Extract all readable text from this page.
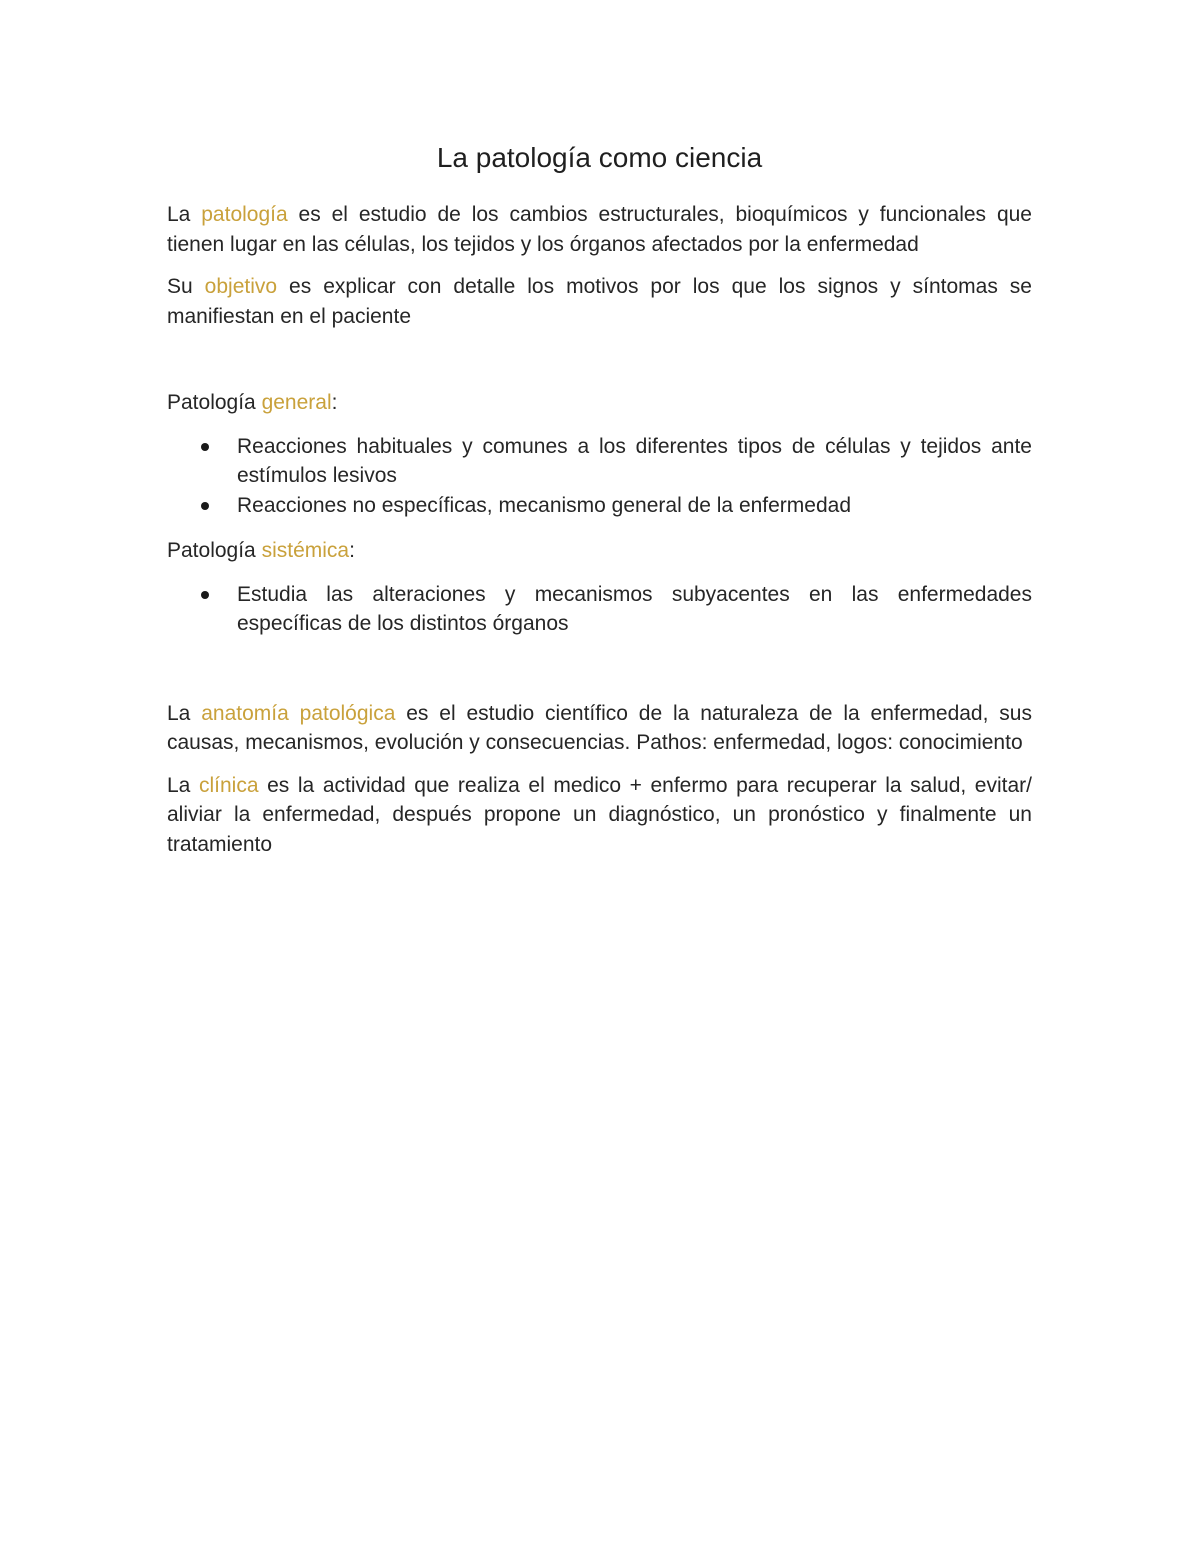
La patología como ciencia

La patología es el estudio de los cambios estructurales, bioquímicos y funcionales que tienen lugar en las células, los tejidos y los órganos afectados por la enfermedad

Su objetivo es explicar con detalle los motivos por los que los signos y síntomas se manifiestan en el paciente

Patología general:

Reacciones habituales y comunes a los diferentes tipos de células y tejidos ante estímulos lesivos
Reacciones no específicas, mecanismo general de la enfermedad

Patología sistémica:

Estudia las alteraciones y mecanismos subyacentes en las enfermedades específicas de los distintos órganos

La anatomía patológica es el estudio científico de la naturaleza de la enfermedad, sus causas, mecanismos, evolución y consecuencias. Pathos: enfermedad, logos: conocimiento

La clínica es la actividad que realiza el medico + enfermo para recuperar la salud, evitar/ aliviar la enfermedad, después propone un diagnóstico, un pronóstico y finalmente un tratamiento
